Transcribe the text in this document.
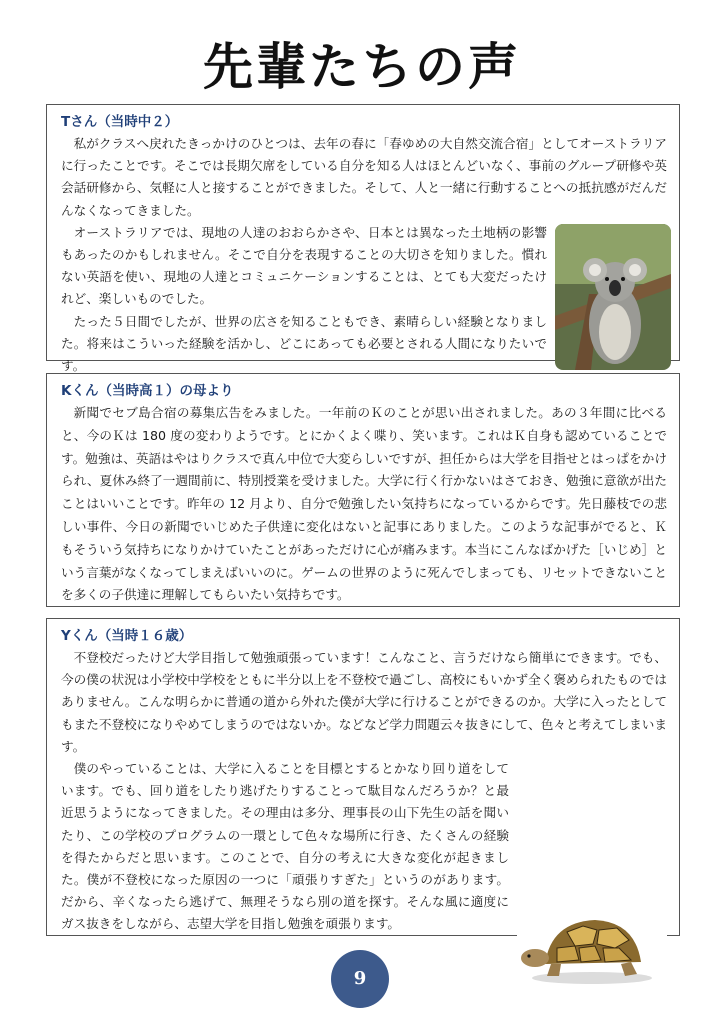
先輩たちの声
Tさん（当時中２）

私がクラスへ戻れたきっかけのひとつは、去年の春に「春ゆめの大自然交流合宿」としてオーストラリアに行ったことです。そこでは長期欠席をしている自分を知る人はほとんどいなく、事前のグループ研修や英会話研修から、気軽に人と接することができました。そして、人と一緒に行動することへの抵抗感がだんだんなくなってきました。

オーストラリアでは、現地の人達のおおらかさや、日本とは異なった土地柄の影響もあったのかもしれません。そこで自分を表現することの大切さを知りました。慣れない英語を使い、現地の人達とコミュニケーションすることは、とても大変だったけれど、楽しいものでした。

たった５日間でしたが、世界の広さを知ることもでき、素晴らしい経験となりました。将来はこういった経験を活かし、どこにあっても必要とされる人間になりたいです。

Kくん（当時高１）の母より

新聞でセブ島合宿の募集広告をみました。一年前のＫのことが思い出されました。あの３年間に比べると、今のＫは 180 度の変わりようです。とにかくよく喋り、笑います。これはＫ自身も認めていることです。勉強は、英語はやはりクラスで真ん中位で大変らしいですが、担任からは大学を目指せとはっぱをかけられ、夏休み終了一週間前に、特別授業を受けました。大学に行く行かないはさておき、勉強に意欲が出たことはいいことです。昨年の 12 月より、自分で勉強したい気持ちになっているからです。先日藤枝での悲しい事件、今日の新聞でいじめた子供達に変化はないと記事にありました。このような記事がでると、Ｋ もそういう気持ちになりかけていたことがあっただけに心が痛みます。本当にこんなばかげた［いじめ］という言葉がなくなってしまえばいいのに。ゲームの世界のように死んでしまっても、リセットできないことを多くの子供達に理解してもらいたい気持ちです。

Yくん（当時１６歳）

不登校だったけど大学目指して勉強頑張っています！こんなこと、言うだけなら簡単にできます。でも、今の僕の状況は小学校中学校をともに半分以上を不登校で過ごし、高校にもいかず全く褒められたものではありません。こんな明らかに普通の道から外れた僕が大学に行けることができるのか。大学に入ったとしてもまた不登校になりやめてしまうのではないか。などなど学力問題云々抜きにして、色々と考えてしまいます。

僕のやっていることは、大学に入ることを目標とするとかなり回り道をしています。でも、回り道をしたり逃げたりすることって駄目なんだろうか？と最近思うようになってきました。その理由は多分、理事長の山下先生の話を聞いたり、この学校のプログラムの一環として色々な場所に行き、たくさんの経験を得たからだと思います。このことで、自分の考えに大きな変化が起きました。僕が不登校になった原因の一つに「頑張りすぎた」というのがあります。だから、辛くなったら逃げて、無理そうなら別の道を探す。そんな風に適度にガス抜きをしながら、志望大学を目指し勉強を頑張ります。

9
